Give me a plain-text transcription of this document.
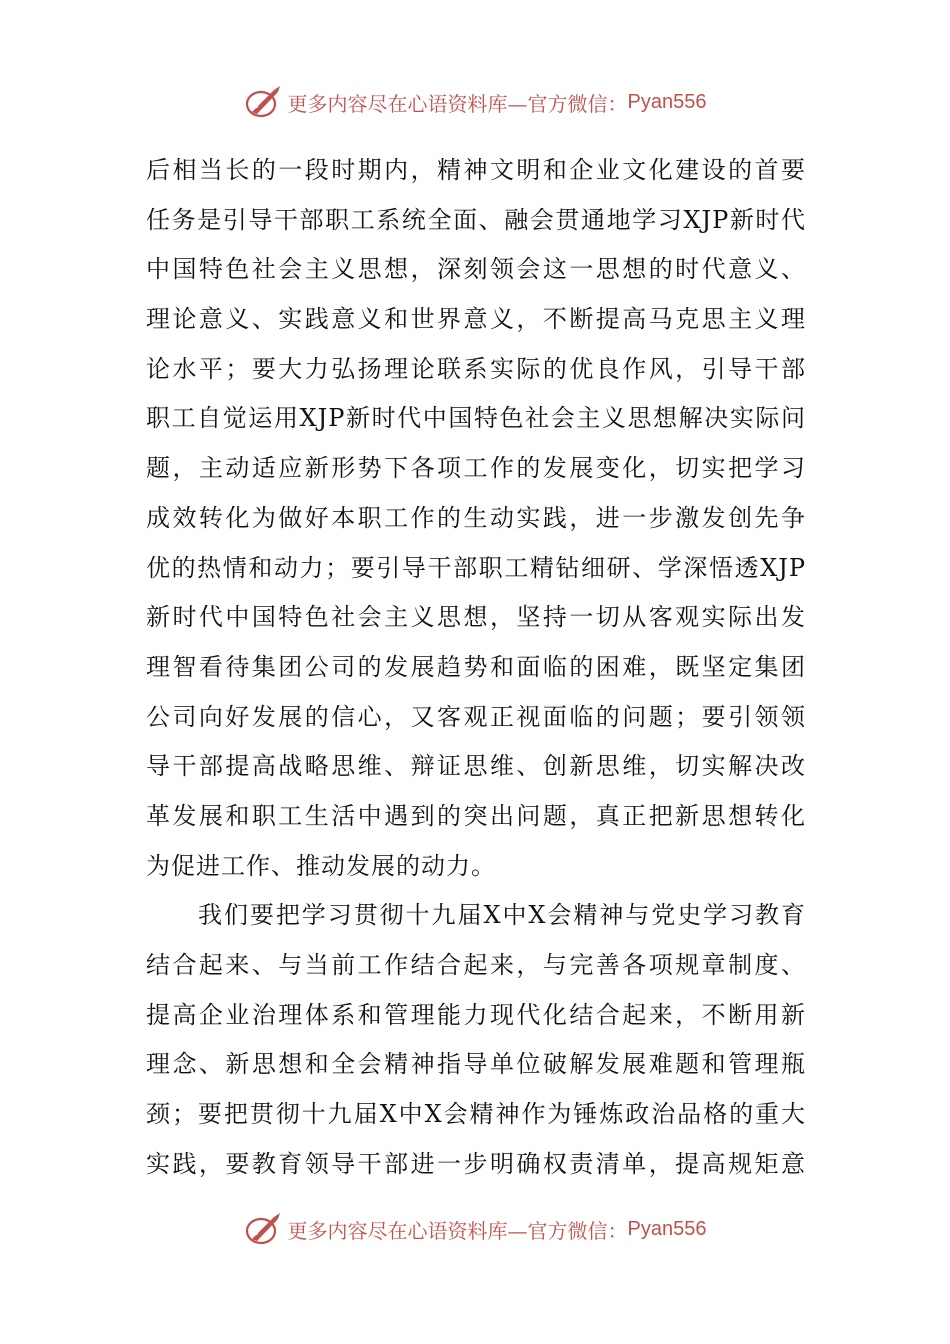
更多内容尽在心语资料库—官方微信： Pyan556
后相当长的一段时期内，精神文明和企业文化建设的首要
任务是引导干部职工系统全面、融会贯通地学习XJP新时代
中国特色社会主义思想，深刻领会这一思想的时代意义、
理论意义、实践意义和世界意义，不断提高马克思主义理
论水平；要大力弘扬理论联系实际的优良作风，引导干部
职工自觉运用XJP新时代中国特色社会主义思想解决实际问
题，主动适应新形势下各项工作的发展变化，切实把学习
成效转化为做好本职工作的生动实践，进一步激发创先争
优的热情和动力；要引导干部职工精钻细研、学深悟透XJP
新时代中国特色社会主义思想，坚持一切从客观实际出发
理智看待集团公司的发展趋势和面临的困难，既坚定集团
公司向好发展的信心，又客观正视面临的问题；要引领领
导干部提高战略思维、辩证思维、创新思维，切实解决改
革发展和职工生活中遇到的突出问题，真正把新思想转化
为促进工作、推动发展的动力。
我们要把学习贯彻十九届X中X会精神与党史学习教育
结合起来、与当前工作结合起来，与完善各项规章制度、
提高企业治理体系和管理能力现代化结合起来，不断用新
理念、新思想和全会精神指导单位破解发展难题和管理瓶
颈；要把贯彻十九届X中X会精神作为锤炼政治品格的重大
实践，要教育领导干部进一步明确权责清单，提高规矩意
更多内容尽在心语资料库—官方微信： Pyan556
